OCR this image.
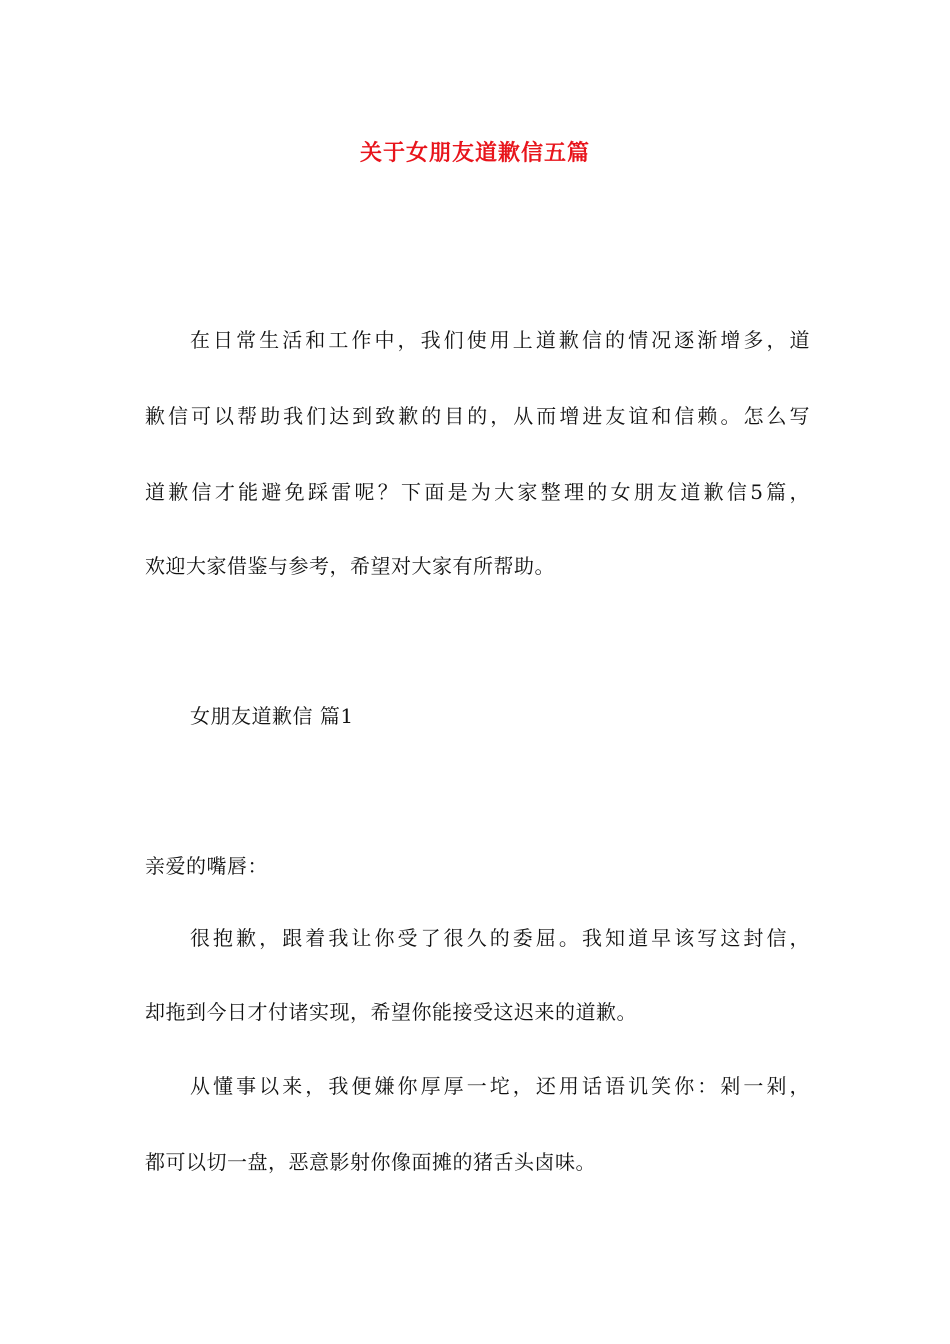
关于女朋友道歉信五篇
在日常生活和工作中，我们使用上道歉信的情况逐渐增多，道
歉信可以帮助我们达到致歉的目的，从而增进友谊和信赖。怎么写
道歉信才能避免踩雷呢？下面是为大家整理的女朋友道歉信5篇，
欢迎大家借鉴与参考，希望对大家有所帮助。
女朋友道歉信 篇1
亲爱的嘴唇：
很抱歉，跟着我让你受了很久的委屈。我知道早该写这封信，
却拖到今日才付诸实现，希望你能接受这迟来的道歉。
从懂事以来，我便嫌你厚厚一坨，还用话语讥笑你：剁一剁，
都可以切一盘，恶意影射你像面摊的猪舌头卤味。
